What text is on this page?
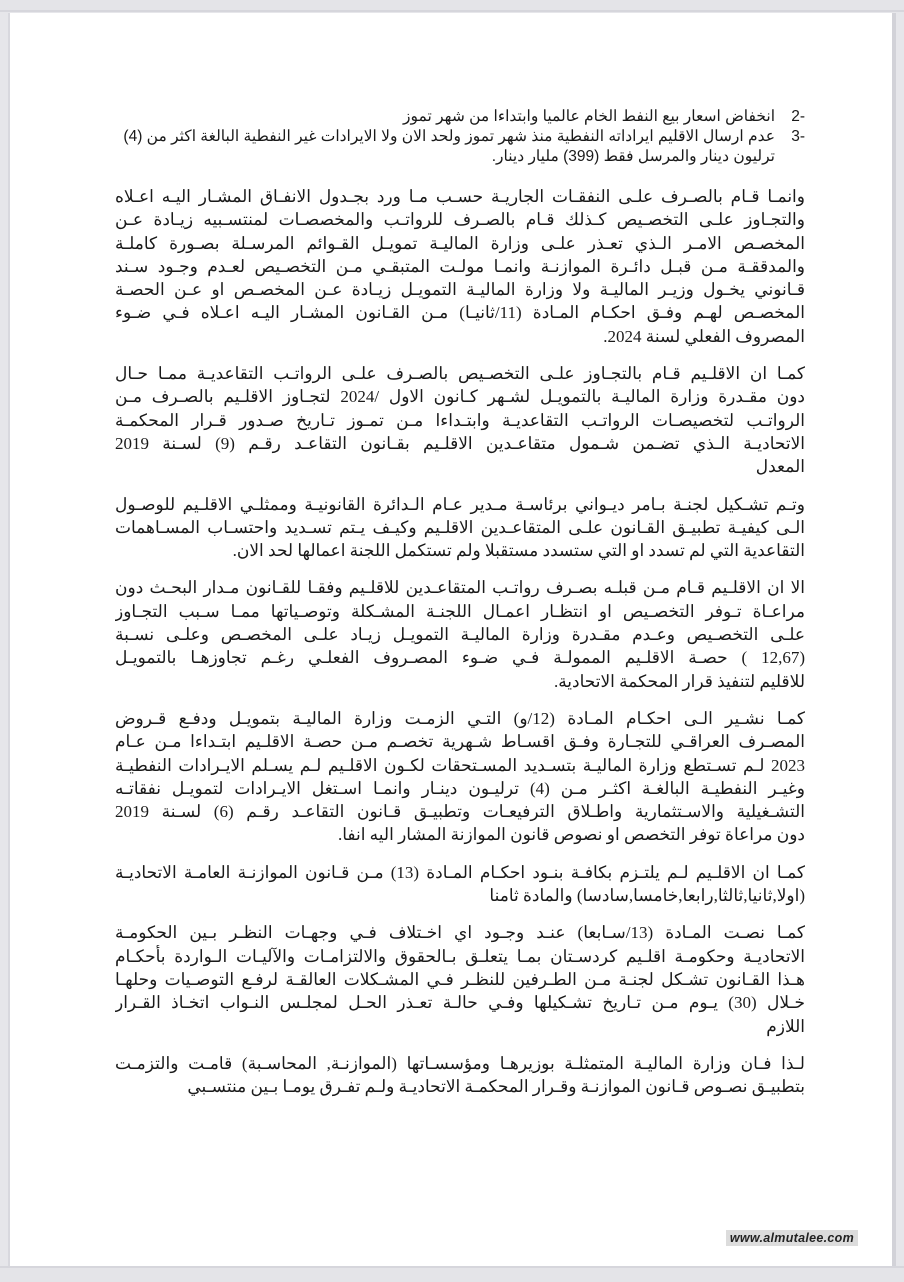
2-
انخفاض اسعار بيع النفط الخام عالميا وابتداءا من شهر تموز
3-
عدم ارسال الاقليم ايراداته النفطية منذ شهر تموز ولحد الان ولا الايرادات غير النفطية البالغة اكثر من (4)
ترليون دينار والمرسل فقط (399) مليار دينار.
وانمـا قـام بالصـرف علـى النفقـات الجاريـة حسـب مـا ورد بجـدول الانفـاق المشـار اليـه اعـلاه
والتجـاوز علـى التخصـيص كـذلك قـام بالصـرف للرواتـب والمخصصـات لمنتسـبيه زيـادة عـن
المخصـص الامـر الـذي تعـذر علـى وزارة الماليـة تمويـل القـوائم المرسـلة بصـورة كاملـة
والمدققـة مـن قبـل دائـرة الموازنـة وانمـا مولـت المتبقـي مـن التخصـيص لعـدم وجـود سـند
قـانوني يخـول وزيـر الماليـة ولا وزارة الماليـة التمويـل زيـادة عـن المخصـص او عـن الحصـة
المخصـص لهـم وفـق احكـام المـادة (11/ثانيـا) مـن القـانون المشـار اليـه اعـلاه فـي ضـوء
المصروف الفعلي لسنة 2024.
كمـا ان الاقلـيم قـام بالتجـاوز علـى التخصـيص بالصـرف علـى الرواتـب التقاعديـة ممـا حـال
دون مقـدرة وزارة الماليـة بالتمويـل لشـهر كـانون الاول /2024 لتجـاوز الاقلـيم بالصـرف مـن
الرواتـب لتخصيصـات الرواتـب التقاعديـة وابتـداءا مـن تمـوز تـاريخ صـدور قـرار المحكمـة
الاتحاديـة الـذي تضـمن شـمول متقاعـدين الاقلـيم بقـانون التقاعـد رقـم (9) لسـنة 2019
المعدل
وتـم تشـكيل لجنـة بـامر ديـواني برئاسـة مـدير عـام الـدائرة القانونيـة وممثلـي الاقلـيم للوصـول
الـى كيفيـة تطبيـق القـانون علـى المتقاعـدين الاقلـيم وكيـف يـتم تسـديد واحتسـاب المسـاهمات
التقاعدية التي لم تسدد او التي ستسدد مستقبلا ولم تستكمل اللجنة اعمالها لحد الان.
الا ان الاقلـيم قـام مـن قبلـه بصـرف رواتـب المتقاعـدين للاقلـيم وفقـا للقـانون مـدار البحـث دون
مراعـاة تـوفر التخصـيص او انتظـار اعمـال اللجنـة المشـكلة وتوصـياتها ممـا سـبب التجـاوز
علـى التخصـيص وعـدم مقـدرة وزارة الماليـة التمويـل زيـاد علـى المخصـص وعلـى نسـبة
(12,67 ) حصـة الاقلـيم الممولـة فـي ضـوء المصـروف الفعلـي رغـم تجاوزهـا بالتمويـل
للاقليم لتنفيذ قرار المحكمة الاتحادية.
كمـا نشـير الـى احكـام المـادة (12/و) التـي الزمـت وزارة الماليـة بتمويـل ودفـع قـروض
المصـرف العراقـي للتجـارة وفـق اقسـاط شـهرية تخصـم مـن حصـة الاقلـيم ابتـداءا مـن عـام
2023 لـم تسـتطع وزارة الماليـة بتسـديد المسـتحقات لكـون الاقلـيم لـم يسـلم الايـرادات النفطيـة
وغيـر النفطيـة البالغـة اكثـر مـن (4) ترليـون دينـار وانمـا اسـتغل الايـرادات لتمويـل نفقاتـه
التشـغيلية والاسـتثمارية واطـلاق الترفيعـات وتطبيـق قـانون التقاعـد رقـم (6) لسـنة 2019
دون مراعاة توفر التخصص او نصوص قانون الموازنة المشار اليه انفا.
كمـا ان الاقلـيم لـم يلتـزم بكافـة بنـود احكـام المـادة (13) مـن قـانون الموازنـة العامـة الاتحاديـة
(اولا,ثانيا,ثالثا,رابعا,خامسا,سادسا) والمادة ثامنا
كمـا نصـت المـادة (13/سـابعا) عنـد وجـود اي اخـتلاف فـي وجهـات النظـر بـين الحكومـة
الاتحاديـة وحكومـة اقلـيم كردسـتان بمـا يتعلـق بـالحقوق والالتزامـات والآليـات الـواردة بأحكـام
هـذا القـانون تشـكل لجنـة مـن الطـرفين للنظـر فـي المشـكلات العالقـة لرفـع التوصـيات وحلهـا
خـلال (30) يـوم مـن تـاريخ تشـكيلها وفـي حالـة تعـذر الحـل لمجلـس النـواب اتخـاذ القـرار
اللازم
لـذا فـان وزارة الماليـة المتمثلـة بوزيرهـا ومؤسسـاتها (الموازنـة, المحاسـبة) قامـت والتزمـت
بتطبيـق نصـوص قـانون الموازنـة وقـرار المحكمـة الاتحاديـة ولـم تفـرق يومـا بـين منتسـبي
www.almutalee.com
